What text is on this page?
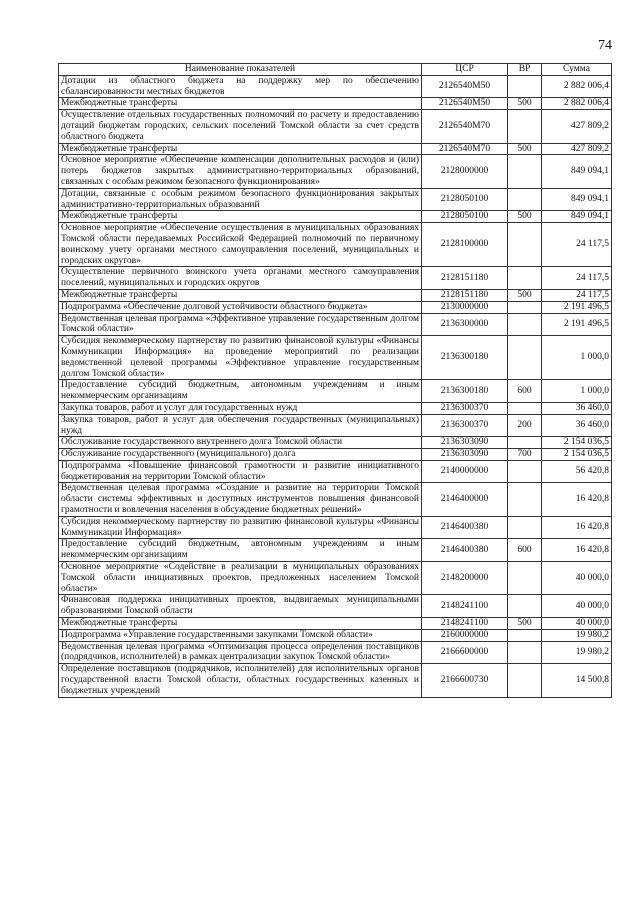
74
Наименование показателей	ЦСР	ВР	Сумма
Дотации из областного бюджета на поддержку мер по обеспечению сбалансированности местных бюджетов	2126540М50		2 882 006,4
Межбюджетные трансферты	2126540М50	500	2 882 006,4
Осуществление отдельных государственных полномочий по расчету и предоставлению дотаций бюджетам городских, сельских поселений Томской области за счет средств областного бюджета	2126540М70		427 809,2
Межбюджетные трансферты	2126540М70	500	427 809,2
Основное мероприятие «Обеспечение компенсации дополнительных расходов и (или) потерь бюджетов закрытых административно-территориальных образований, связанных с особым режимом безопасного функционирования»	2128000000		849 094,1
Дотации, связанные с особым режимом безопасного функционирования закрытых административно-территориальных образований	2128050100		849 094,1
Межбюджетные трансферты	2128050100	500	849 094,1
Основное мероприятие «Обеспечение осуществления в муниципальных образованиях Томской области передаваемых Российской Федерацией полномочий по первичному воинскому учету органами местного самоуправления поселений, муниципальных и городских округов»	2128100000		24 117,5
Осуществление первичного воинского учета органами местного самоуправления поселений, муниципальных и городских округов	2128151180		24 117,5
Межбюджетные трансферты	2128151180	500	24 117,5
Подпрограмма «Обеспечение долговой устойчивости областного бюджета»	2130000000		2 191 496,5
Ведомственная целевая программа «Эффективное управление государственным долгом Томской области»	2136300000		2 191 496,5
Субсидия некоммерческому партнерству по развитию финансовой культуры «Финансы Коммуникации Информация» на проведение мероприятий по реализации ведомственной целевой программы «Эффективное управление государственным долгом Томской области»	2136300180		1 000,0
Предоставление субсидий бюджетным, автономным учреждениям и иным некоммерческим организациям	2136300180	600	1 000,0
Закупка товаров, работ и услуг для государственных нужд	2136300370		36 460,0
Закупка товаров, работ и услуг для обеспечения государственных (муниципальных) нужд	2136300370	200	36 460,0
Обслуживание государственного внутреннего долга Томской области	2136303090		2 154 036,5
Обслуживание государственного (муниципального) долга	2136303090	700	2 154 036,5
Подпрограмма «Повышение финансовой грамотности и развитие инициативного бюджетирования на территории Томской области»	2140000000		56 420,8
Ведомственная целевая программа «Создание и развитие на территории Томской области системы эффективных и доступных инструментов повышения финансовой грамотности и вовлечения населения в обсуждение бюджетных решений»	2146400000		16 420,8
Субсидия некоммерческому партнерству по развитию финансовой культуры «Финансы Коммуникации Информация»	2146400380		16 420,8
Предоставление субсидий бюджетным, автономным учреждениям и иным некоммерческим организациям	2146400380	600	16 420,8
Основное мероприятие «Содействие в реализации в муниципальных образованиях Томской области инициативных проектов, предложенных населением Томской области»	2148200000		40 000,0
Финансовая поддержка инициативных проектов, выдвигаемых муниципальными образованиями Томской области	2148241100		40 000,0
Межбюджетные трансферты	2148241100	500	40 000,0
Подпрограмма «Управление государственными закупками Томской области»	2160000000		19 980,2
Ведомственная целевая программа «Оптимизация процесса определения поставщиков (подрядчиков, исполнителей) в рамках централизации закупок Томской области»	2166600000		19 980,2
Определение поставщиков (подрядчиков, исполнителей) для исполнительных органов государственной власти Томской области, областных государственных казенных и бюджетных учреждений	2166600730		14 500,8
